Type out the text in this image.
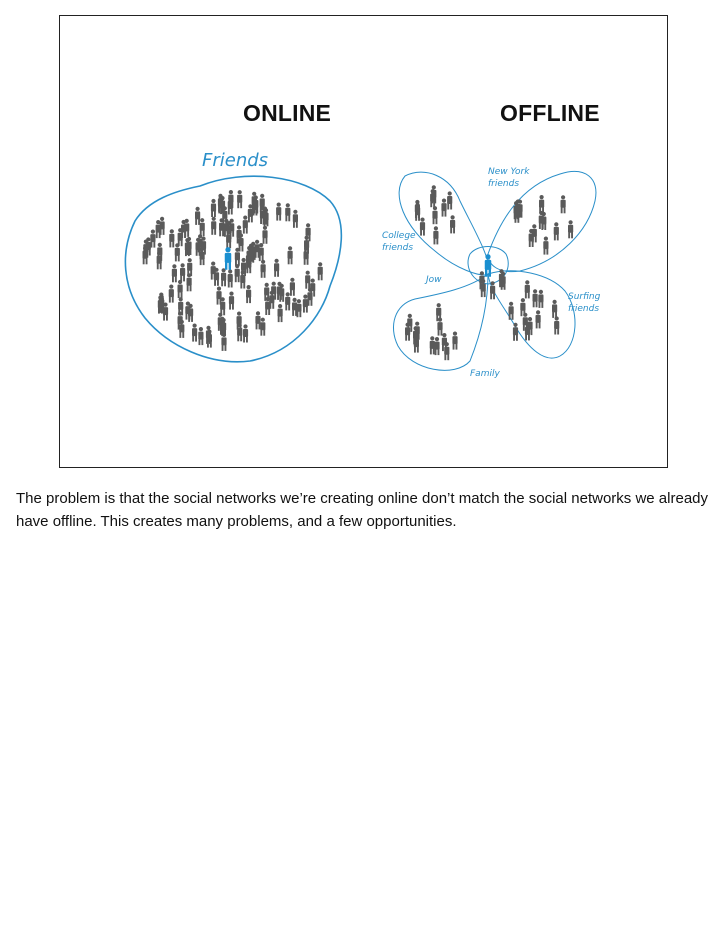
Friends
New York
friends
College
friends
Surfing
friends
Family
Jow
ONLINE	OFFLINE
The problem is that the social networks we’re creating online don’t match the social networks we already have offline. This creates many problems, and a few opportunities.
